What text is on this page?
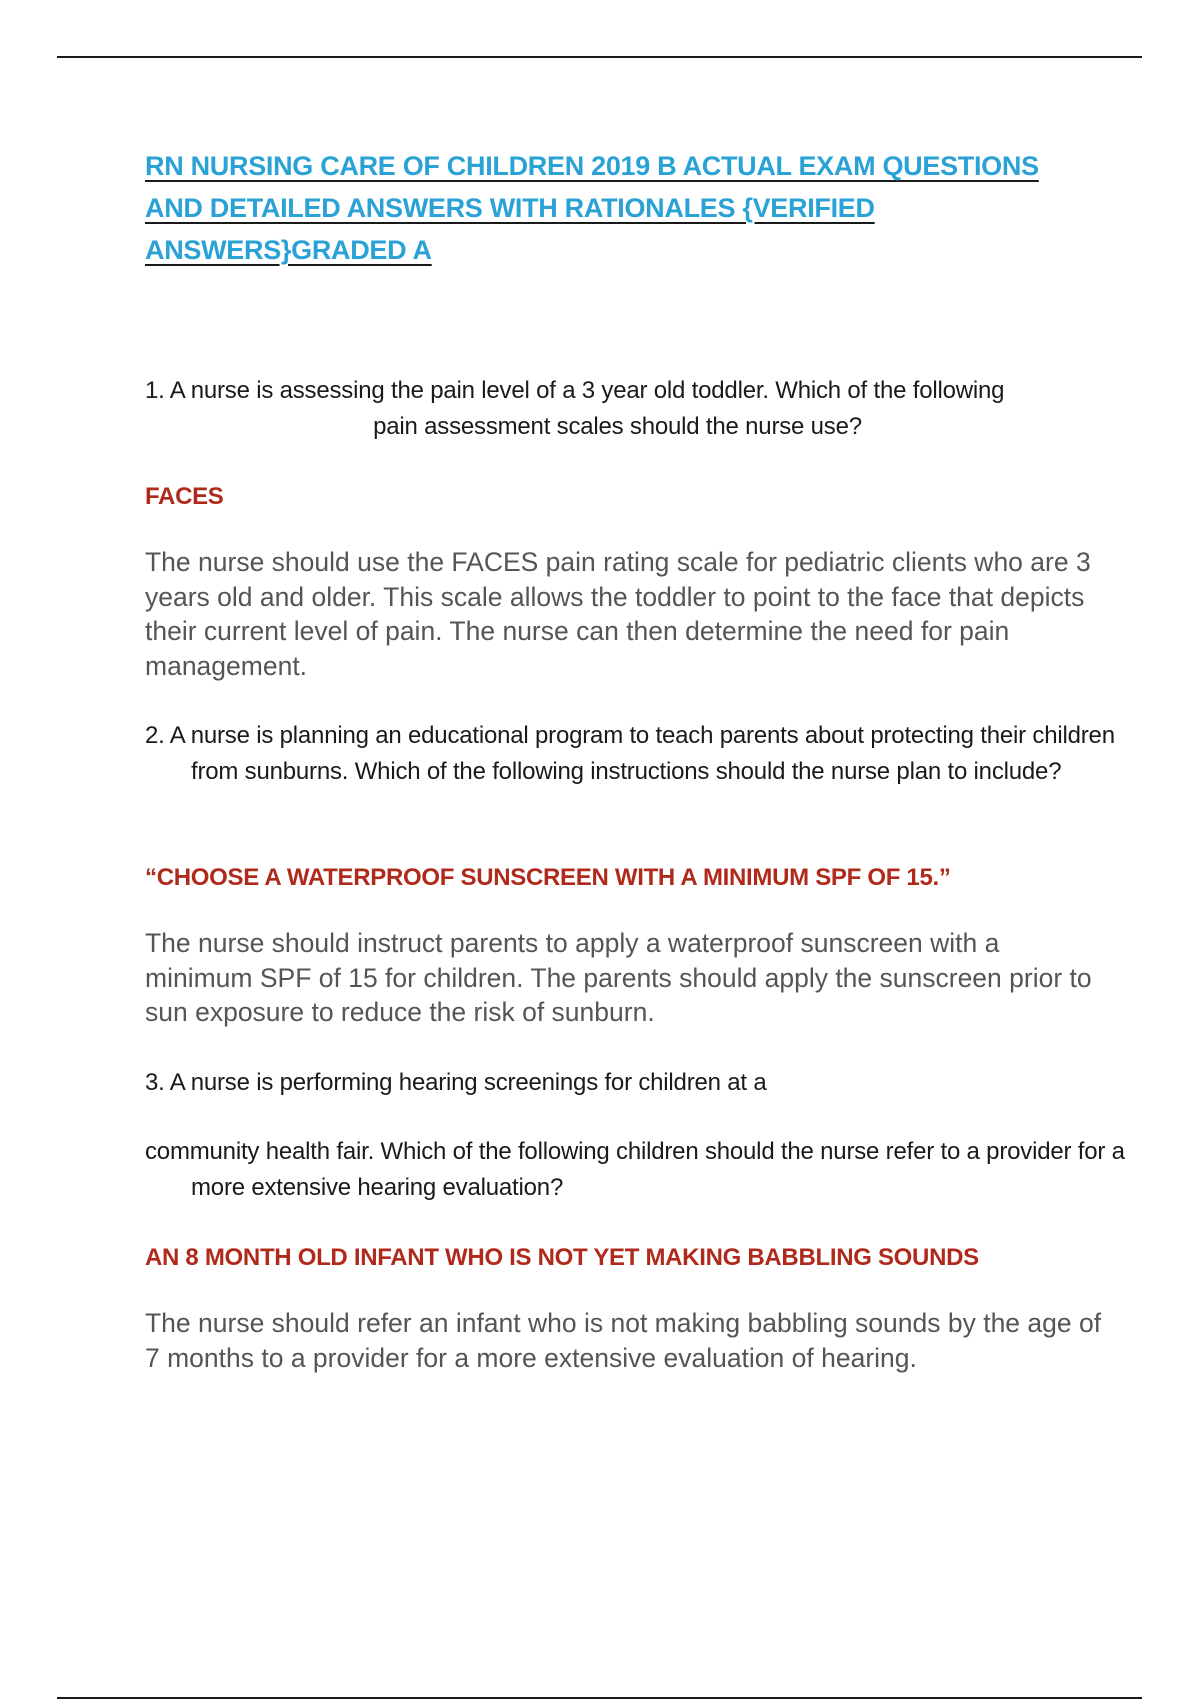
RN NURSING CARE OF CHILDREN 2019 B ACTUAL EXAM QUESTIONS AND DETAILED ANSWERS WITH RATIONALES {VERIFIED ANSWERS}GRADED A
1. A nurse is assessing the pain level of a 3 year old toddler. Which of the following
pain assessment scales should the nurse use?
FACES
The nurse should use the FACES pain rating scale for pediatric clients who are 3 years old and older. This scale allows the toddler to point to the face that depicts their current level of pain. The nurse can then determine the need for pain management.
2. A nurse is planning an educational program to teach parents about protecting their children from sunburns. Which of the following instructions should the nurse plan to include?
“CHOOSE A WATERPROOF SUNSCREEN WITH A MINIMUM SPF OF 15.”
The nurse should instruct parents to apply a waterproof sunscreen with a minimum SPF of 15 for children. The parents should apply the sunscreen prior to sun exposure to reduce the risk of sunburn.
3. A nurse is performing hearing screenings for children at a
community health fair. Which of the following children should the nurse refer to a provider for a more extensive hearing evaluation?
AN 8 MONTH OLD INFANT WHO IS NOT YET MAKING BABBLING SOUNDS
The nurse should refer an infant who is not making babbling sounds by the age of 7 months to a provider for a more extensive evaluation of hearing.
